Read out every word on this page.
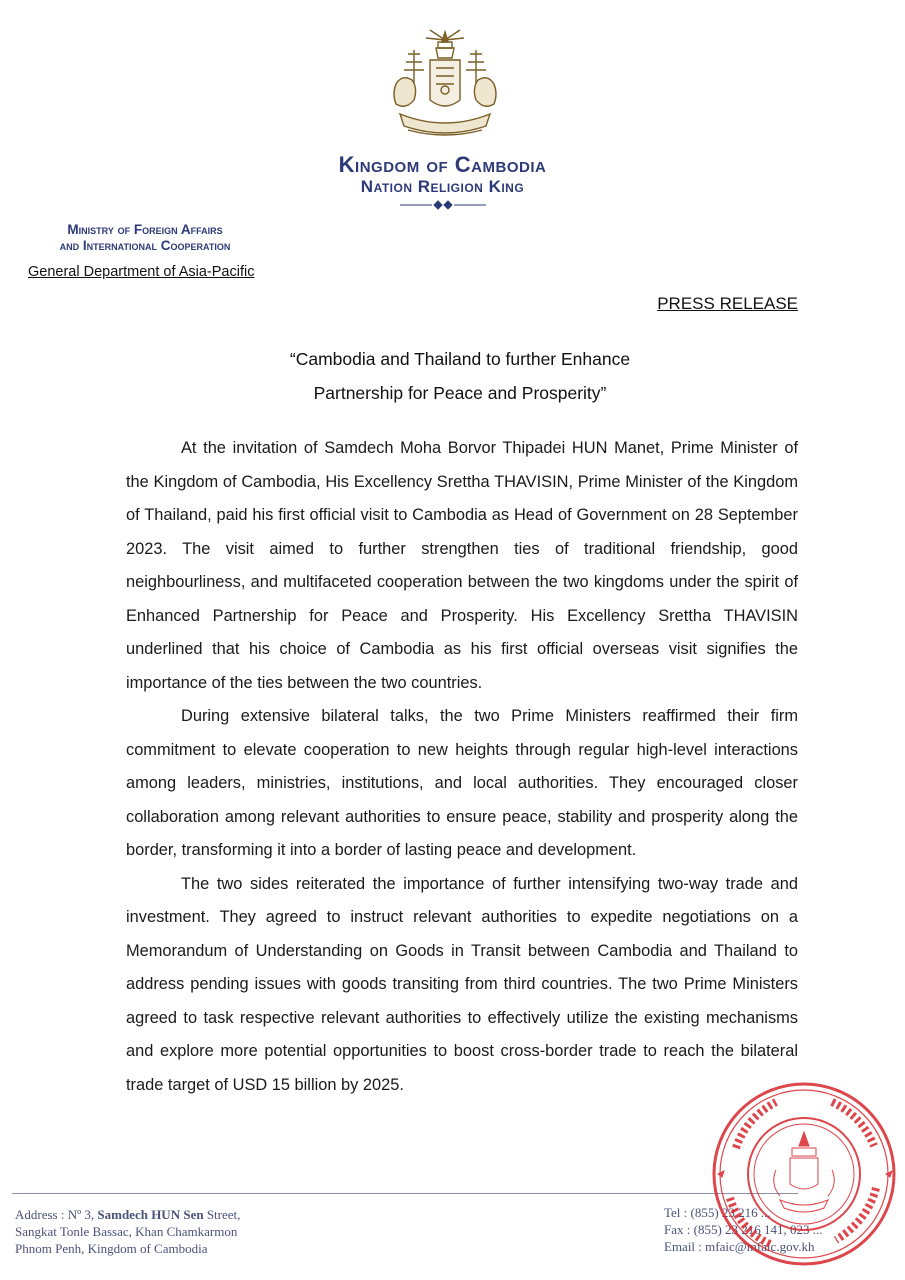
Kingdom of Cambodia
Nation Religion King
Ministry of Foreign Affairs
and International Cooperation
General Department of Asia-Pacific
PRESS RELEASE
“Cambodia and Thailand to further Enhance
Partnership for Peace and Prosperity”

At the invitation of Samdech Moha Borvor Thipadei HUN Manet, Prime Minister of the Kingdom of Cambodia, His Excellency Srettha THAVISIN, Prime Minister of the Kingdom of Thailand, paid his first official visit to Cambodia as Head of Government on 28 September 2023. The visit aimed to further strengthen ties of traditional friendship, good neighbourliness, and multifaceted cooperation between the two kingdoms under the spirit of Enhanced Partnership for Peace and Prosperity. His Excellency Srettha THAVISIN underlined that his choice of Cambodia as his first official overseas visit signifies the importance of the ties between the two countries.

During extensive bilateral talks, the two Prime Ministers reaffirmed their firm commitment to elevate cooperation to new heights through regular high-level interactions among leaders, ministries, institutions, and local authorities. They encouraged closer collaboration among relevant authorities to ensure peace, stability and prosperity along the border, transforming it into a border of lasting peace and development.

The two sides reiterated the importance of further intensifying two-way trade and investment. They agreed to instruct relevant authorities to expedite negotiations on a Memorandum of Understanding on Goods in Transit between Cambodia and Thailand to address pending issues with goods transiting from third countries. The two Prime Ministers agreed to task respective relevant authorities to effectively utilize the existing mechanisms and explore more potential opportunities to boost cross-border trade to reach the bilateral trade target of USD 15 billion by 2025.

Address : Nº 3, Samdech HUN Sen Street,
Sangkat Tonle Bassac, Khan Chamkarmon
Phnom Penh, Kingdom of Cambodia
Tel : (855) 23 216 ...
Fax : (855) 23 216 141, 023 ...
Email : mfaic@mfaic.gov.kh
